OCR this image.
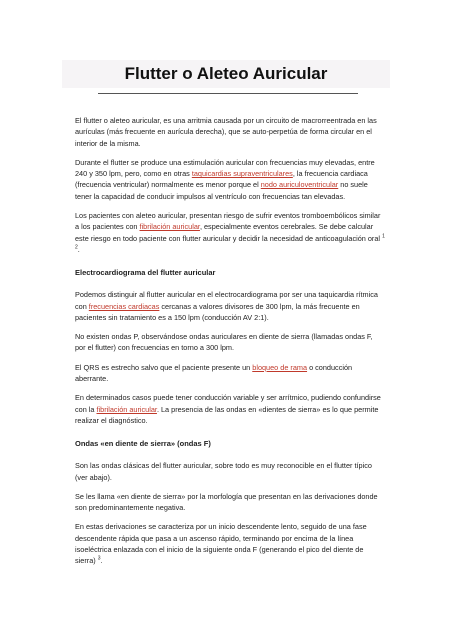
Flutter o Aleteo Auricular

El flutter o aleteo auricular, es una arritmia causada por un circuito de macrorreentrada en las aurículas (más frecuente en aurícula derecha), que se auto-perpetúa de forma circular en el interior de la misma.

Durante el flutter se produce una estimulación auricular con frecuencias muy elevadas, entre 240 y 350 lpm, pero, como en otras taquicardias supraventriculares, la frecuencia cardiaca (frecuencia ventricular) normalmente es menor porque el nodo auriculoventricular no suele tener la capacidad de conducir impulsos al ventrículo con frecuencias tan elevadas.

Los pacientes con aleteo auricular, presentan riesgo de sufrir eventos tromboembólicos similar a los pacientes con fibrilación auricular, especialmente eventos cerebrales. Se debe calcular este riesgo en todo paciente con flutter auricular y decidir la necesidad de anticoagulación oral $^{1 2}$.

Electrocardiograma del flutter auricular

Podemos distinguir al flutter auricular en el electrocardiograma por ser una taquicardia rítmica con frecuencias cardiacas cercanas a valores divisores de 300 lpm, la más frecuente en pacientes sin tratamiento es a 150 lpm (conducción AV 2:1).

No existen ondas P, observándose ondas auriculares en diente de sierra (llamadas ondas F, por el flutter) con frecuencias en torno a 300 lpm.

El QRS es estrecho salvo que el paciente presente un bloqueo de rama o conducción aberrante.

En determinados casos puede tener conducción variable y ser arrítmico, pudiendo confundirse con la fibrilación auricular. La presencia de las ondas en «dientes de sierra» es lo que permite realizar el diagnóstico.

Ondas «en diente de sierra» (ondas F)

Son las ondas clásicas del flutter auricular, sobre todo es muy reconocible en el flutter típico (ver abajo).

Se les llama «en diente de sierra» por la morfología que presentan en las derivaciones donde son predominantemente negativa.

En estas derivaciones se caracteriza por un inicio descendente lento, seguido de una fase descendente rápida que pasa a un ascenso rápido, terminando por encima de la línea isoeléctrica enlazada con el inicio de la siguiente onda F (generando el pico del diente de sierra) $^3$.
